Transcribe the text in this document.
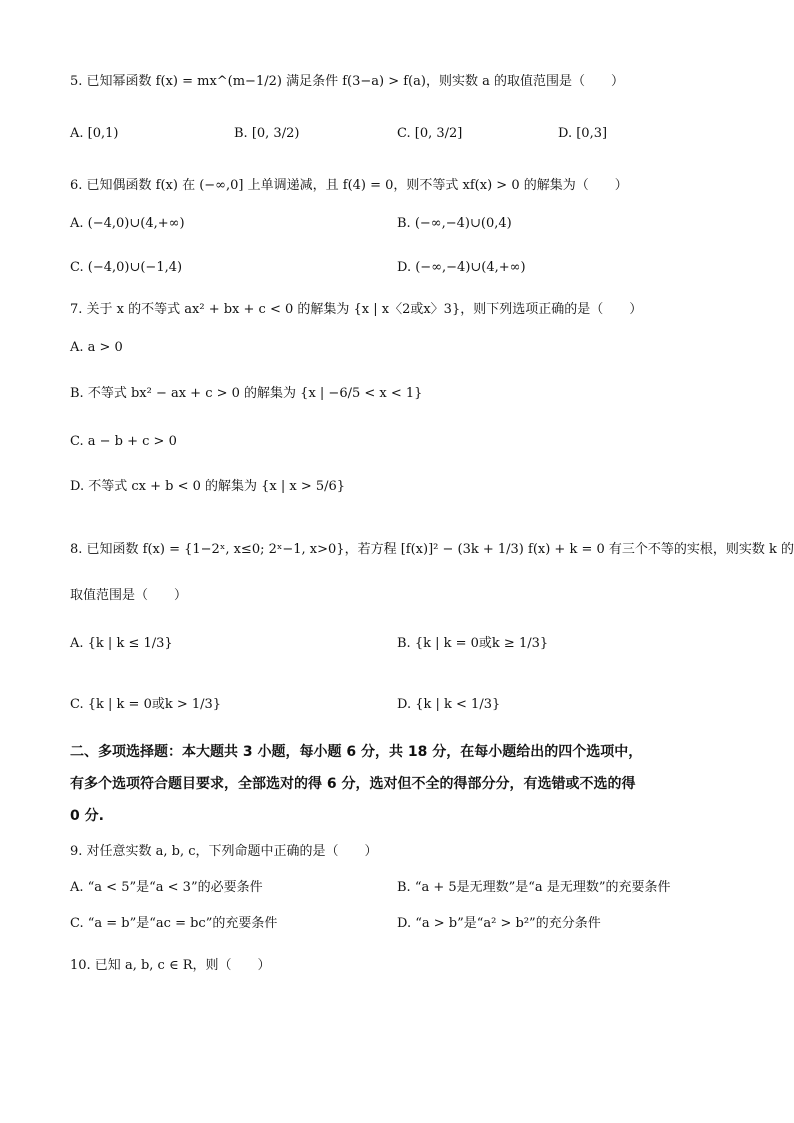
5. 已知幂函数 f(x) = mx^(m−1/2) 满足条件 f(3−a) > f(a)，则实数 a 的取值范围是（　　）
A. [0,1)	B. [0, 3/2)	C. [0, 3/2]	D. [0,3]
6. 已知偶函数 f(x) 在 (−∞,0] 上单调递减，且 f(4) = 0，则不等式 xf(x) > 0 的解集为（　　）
A. (−4,0)∪(4,+∞)	B. (−∞,−4)∪(0,4)
C. (−4,0)∪(−1,4)	D. (−∞,−4)∪(4,+∞)
7. 关于 x 的不等式 ax² + bx + c < 0 的解集为 {x | x〈2或x〉3}，则下列选项正确的是（　　）
A. a > 0
B. 不等式 bx² − ax + c > 0 的解集为 {x | −6/5 < x < 1}
C. a − b + c > 0
D. 不等式 cx + b < 0 的解集为 {x | x > 5/6}
8. 已知函数 f(x) = {1−2ˣ, x≤0; 2ˣ−1, x>0}，若方程 [f(x)]² − (3k + 1/3) f(x) + k = 0 有三个不等的实根，则实数 k 的
取值范围是（　　）
A. {k | k ≤ 1/3}	B. {k | k = 0或k ≥ 1/3}
C. {k | k = 0或k > 1/3}	D. {k | k < 1/3}
二、多项选择题：本大题共 3 小题，每小题 6 分，共 18 分，在每小题给出的四个选项中，
有多个选项符合题目要求，全部选对的得 6 分，选对但不全的得部分分，有选错或不选的得
0 分.
9. 对任意实数 a, b, c，下列命题中正确的是（　　）
A. “a < 5”是“a < 3”的必要条件	B. “a + 5是无理数”是“a 是无理数”的充要条件
C. “a = b”是“ac = bc”的充要条件	D. “a > b”是“a² > b²”的充分条件
10. 已知 a, b, c ∈ R，则（　　）
